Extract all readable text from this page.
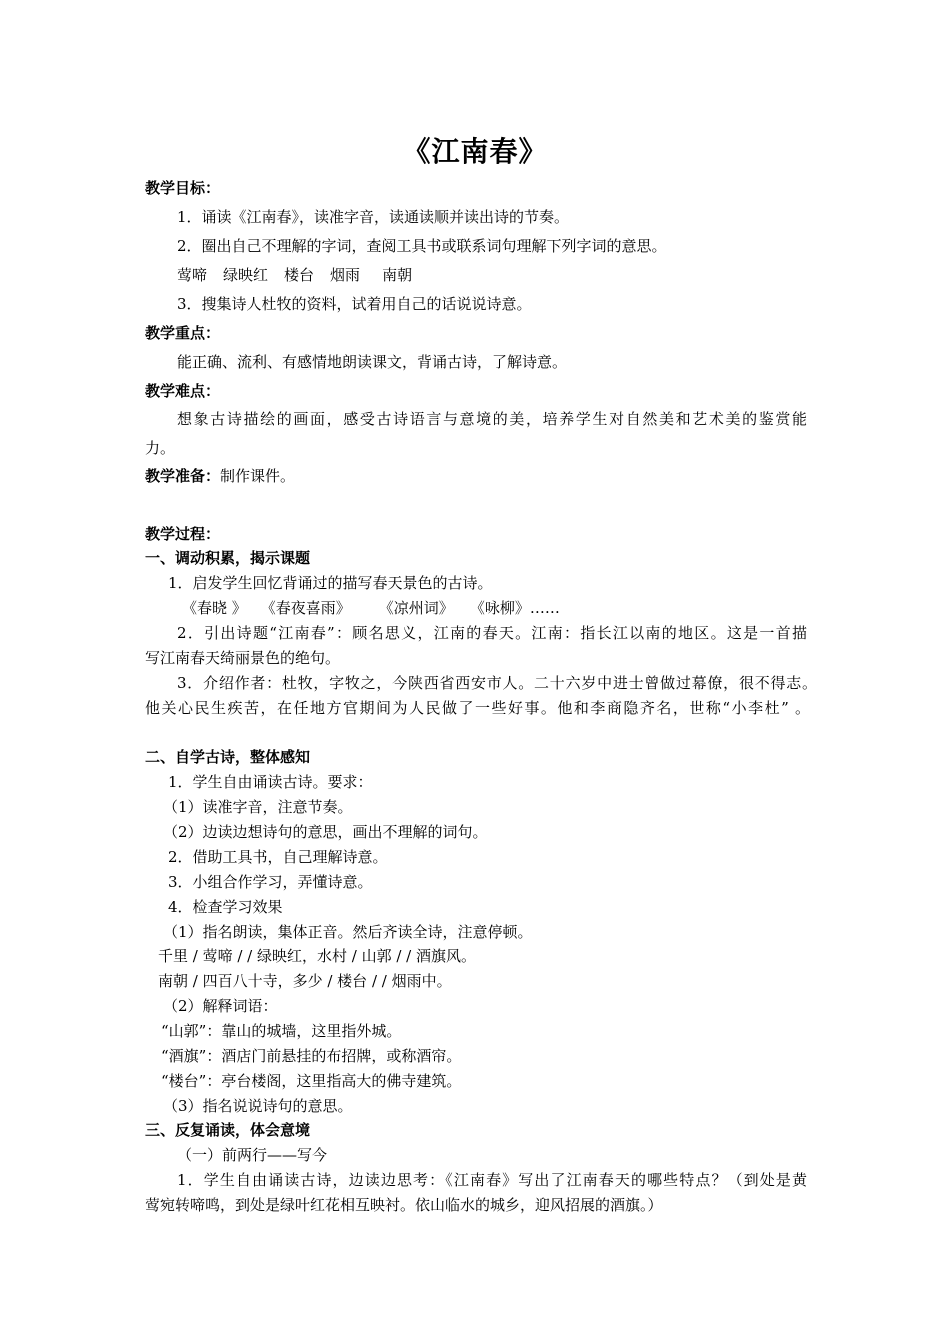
《江南春》
教学目标：
1．诵读《江南春》，读准字音，读通读顺并读出诗的节奏。
2．圈出自己不理解的字词，查阅工具书或联系词句理解下列字词的意思。
莺啼 绿映红 楼台 烟雨 南朝
3．搜集诗人杜牧的资料，试着用自己的话说说诗意。
教学重点：
能正确、流利、有感情地朗读课文，背诵古诗，了解诗意。
教学难点：
想象古诗描绘的画面，感受古诗语言与意境的美，培养学生对自然美和艺术美的鉴赏能
力。
教学准备：制作课件。
教学过程：
一、调动积累，揭示课题
1．启发学生回忆背诵过的描写春天景色的古诗。
《春晓 》 《春夜喜雨》 《凉州词》 《咏柳》……
2．引出诗题“江南春”：顾名思义，江南的春天。江南：指长江以南的地区。这是一首描
写江南春天绮丽景色的绝句。
3．介绍作者：杜牧，字牧之，今陕西省西安市人。二十六岁中进士曾做过幕僚，很不得志。
他关心民生疾苦，在任地方官期间为人民做了一些好事。他和李商隐齐名，世称“小李杜” 。
二、自学古诗，整体感知
1．学生自由诵读古诗。要求：
（1）读准字音，注意节奏。
（2）边读边想诗句的意思，画出不理解的词句。
2．借助工具书，自己理解诗意。
3．小组合作学习，弄懂诗意。
4．检查学习效果
（1）指名朗读，集体正音。然后齐读全诗，注意停顿。
千里 / 莺啼 / / 绿映红，水村 / 山郭 / / 酒旗风。
南朝 / 四百八十寺，多少 / 楼台 / / 烟雨中。
（2）解释词语：
“山郭”：靠山的城墙，这里指外城。
“酒旗”：酒店门前悬挂的布招牌，或称酒帘。
“楼台”：亭台楼阁，这里指高大的佛寺建筑。
（3）指名说说诗句的意思。
三、反复诵读，体会意境
（一）前两行——写今
1．学生自由诵读古诗，边读边思考：《江南春》写出了江南春天的哪些特点？（到处是黄
莺宛转啼鸣，到处是绿叶红花相互映衬。依山临水的城乡，迎风招展的酒旗。）
